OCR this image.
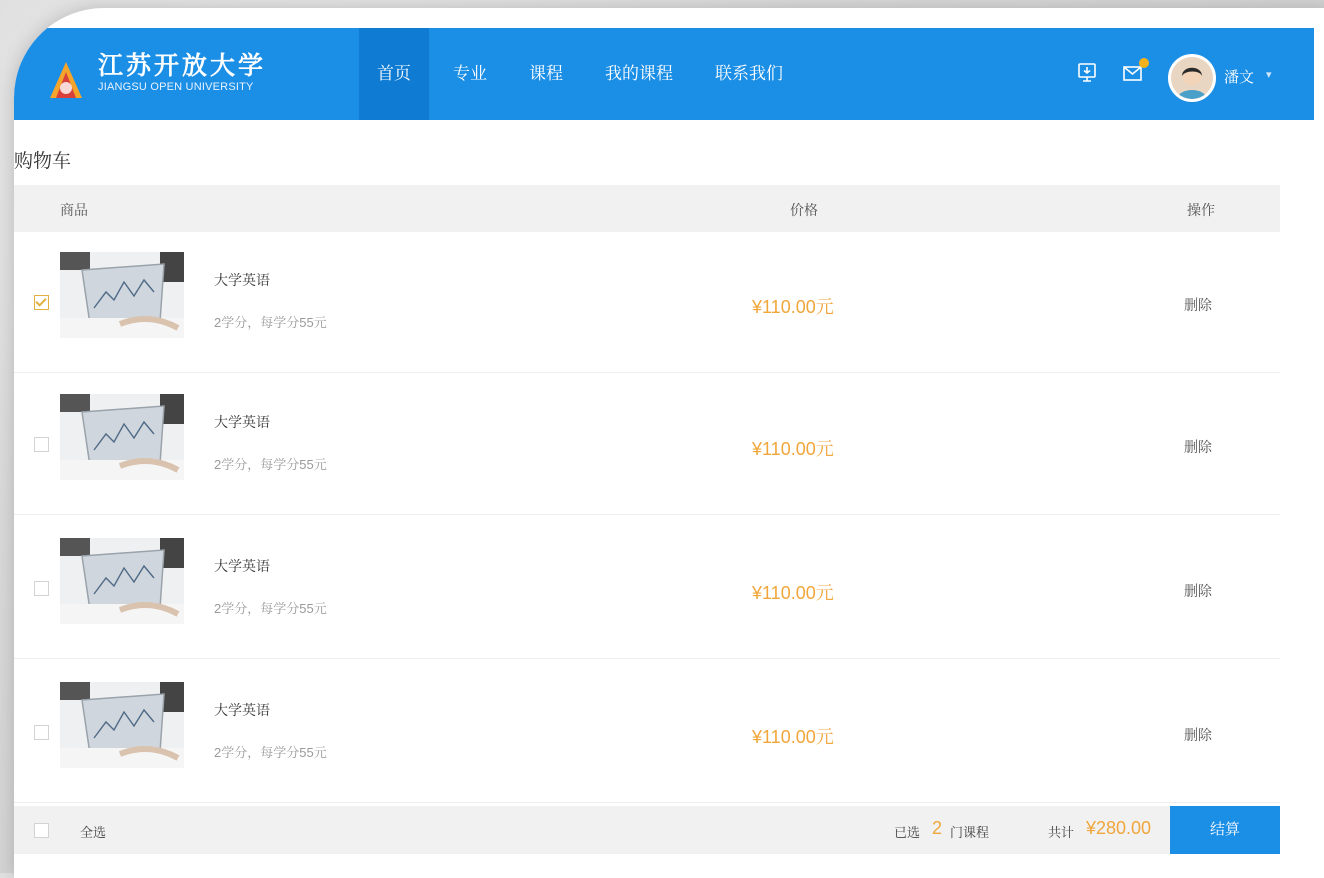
江苏开放大学
JIANGSU OPEN UNIVERSITY
首页	专业	课程	我的课程	联系我们	潘文 ▾
购物车
商品	价格	操作
大学英语
2学分，每学分55元
¥110.00元	删除
大学英语
2学分，每学分55元
¥110.00元	删除
大学英语
2学分，每学分55元
¥110.00元	删除
大学英语
2学分，每学分55元
¥110.00元	删除
全选	已选 2 门课程	共计 ¥280.00	结算
